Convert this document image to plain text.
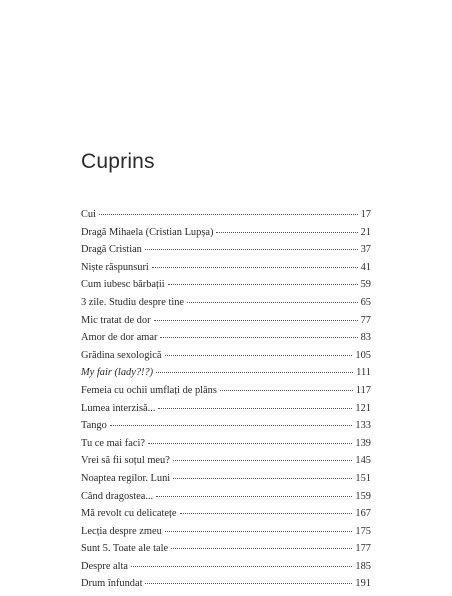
Cuprins
Cui	17
Dragă Mihaela (Cristian Lupșa)	21
Dragă Cristian	37
Niște răspunsuri	41
Cum iubesc bărbații	59
3 zile. Studiu despre tine	65
Mic tratat de dor	77
Amor de dor amar	83
Grădina sexologică	105
My fair (lady?!?)	111
Femeia cu ochii umflați de plâns	117
Lumea interzisă...	121
Tango	133
Tu ce mai faci?	139
Vrei să fii soțul meu?	145
Noaptea regilor. Luni	151
Când dragostea...	159
Mă revolt cu delicatețe	167
Lecția despre zmeu	175
Sunt 5. Toate ale tale	177
Despre alta	185
Drum înfundat	191
